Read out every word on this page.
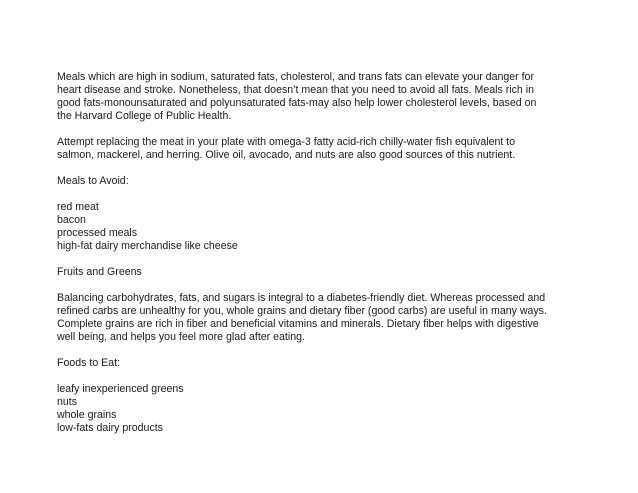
Meals which are high in sodium, saturated fats, cholesterol, and trans fats can elevate your danger for
heart disease and stroke. Nonetheless, that doesn’t mean that you need to avoid all fats. Meals rich in
good fats-monounsaturated and polyunsaturated fats-may also help lower cholesterol levels, based on
the Harvard College of Public Health.

Attempt replacing the meat in your plate with omega-3 fatty acid-rich chilly-water fish equivalent to
salmon, mackerel, and herring. Olive oil, avocado, and nuts are also good sources of this nutrient.

Meals to Avoid:

red meat
bacon
processed meals
high-fat dairy merchandise like cheese

Fruits and Greens

Balancing carbohydrates, fats, and sugars is integral to a diabetes-friendly diet. Whereas processed and
refined carbs are unhealthy for you, whole grains and dietary fiber (good carbs) are useful in many ways.
Complete grains are rich in fiber and beneficial vitamins and minerals. Dietary fiber helps with digestive
well being, and helps you feel more glad after eating.

Foods to Eat:

leafy inexperienced greens
nuts
whole grains
low-fats dairy products
